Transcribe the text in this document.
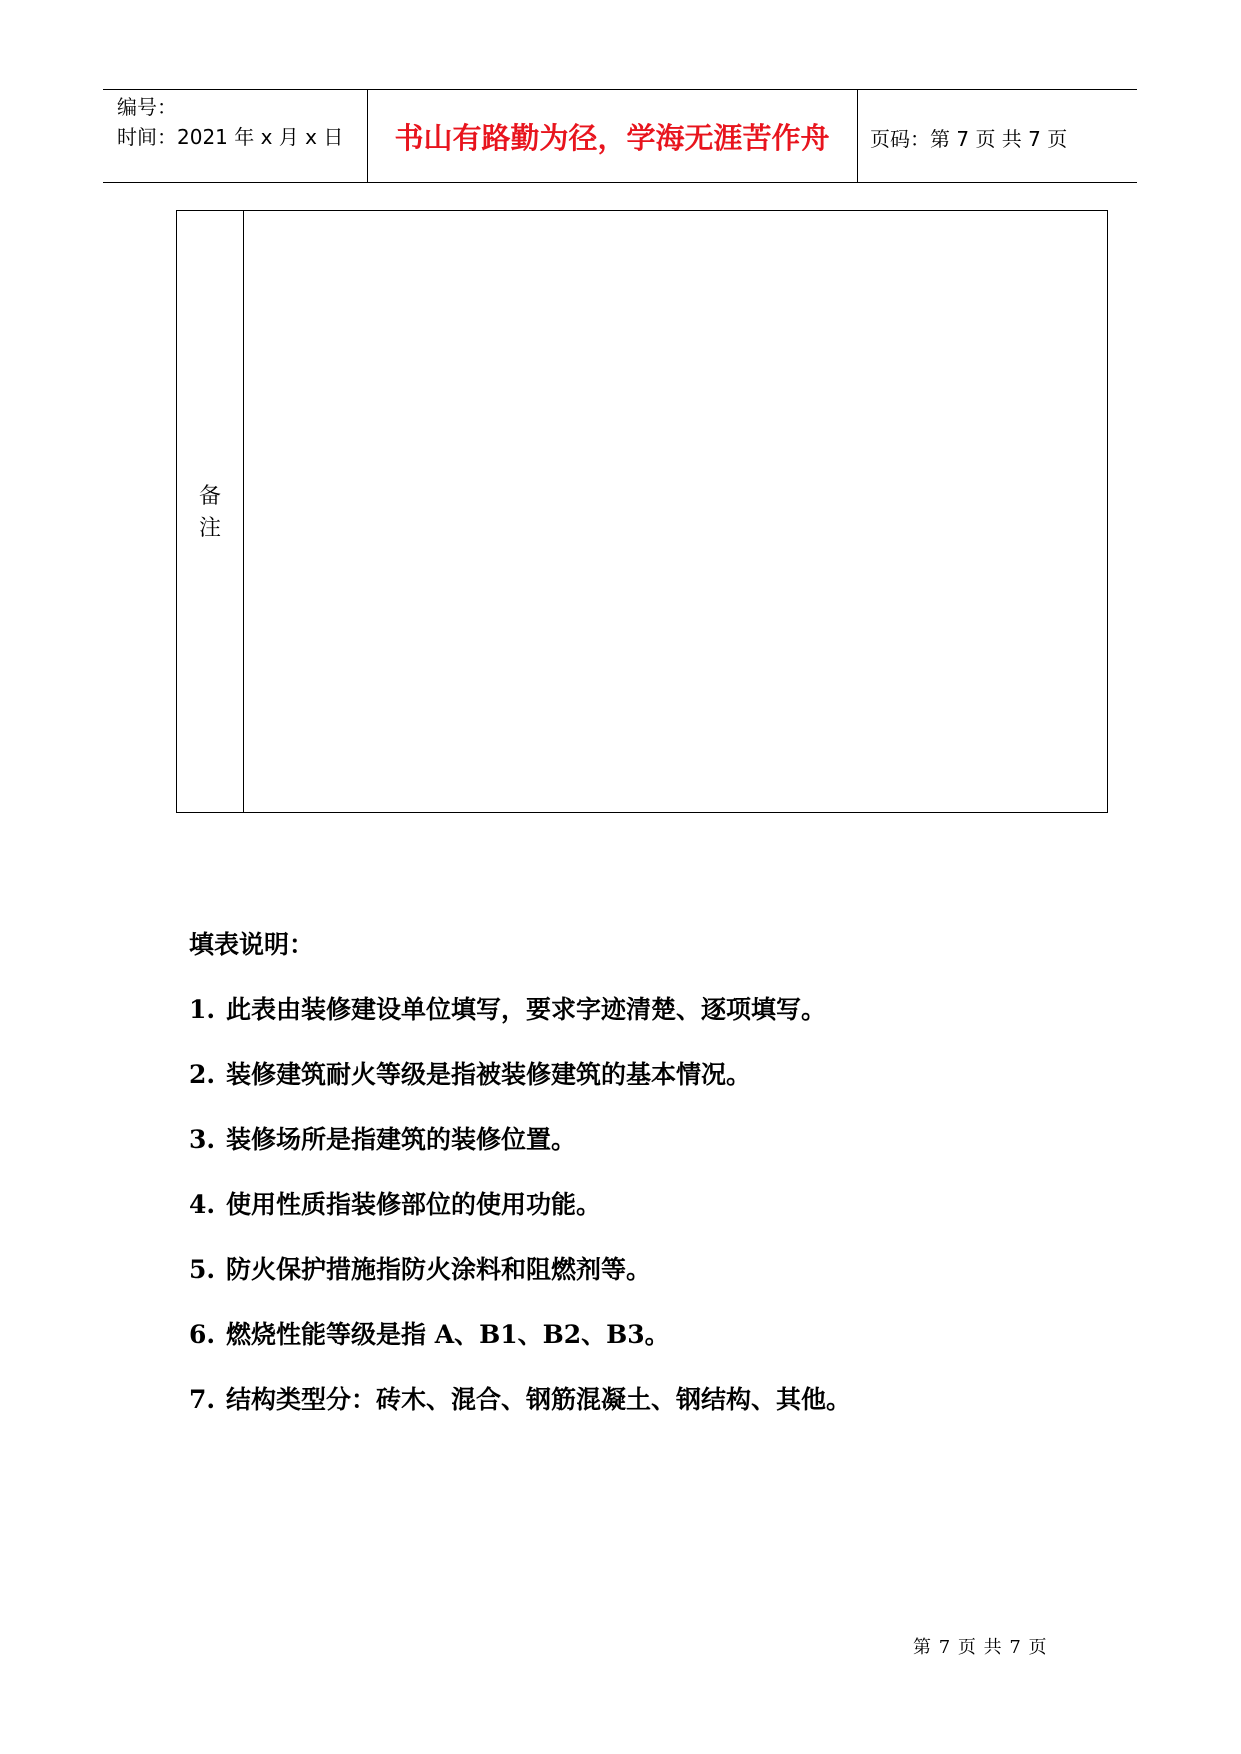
编号：
时间：2021 年 x 月 x 日	书山有路勤为径，学海无涯苦作舟	页码：第 7 页 共 7 页
备
注
填表说明：
1. 此表由装修建设单位填写，要求字迹清楚、逐项填写。
2. 装修建筑耐火等级是指被装修建筑的基本情况。
3. 装修场所是指建筑的装修位置。
4. 使用性质指装修部位的使用功能。
5. 防火保护措施指防火涂料和阻燃剂等。
6. 燃烧性能等级是指 A、B1、B2、B3。
7. 结构类型分：砖木、混合、钢筋混凝土、钢结构、其他。
第 7 页 共 7 页
